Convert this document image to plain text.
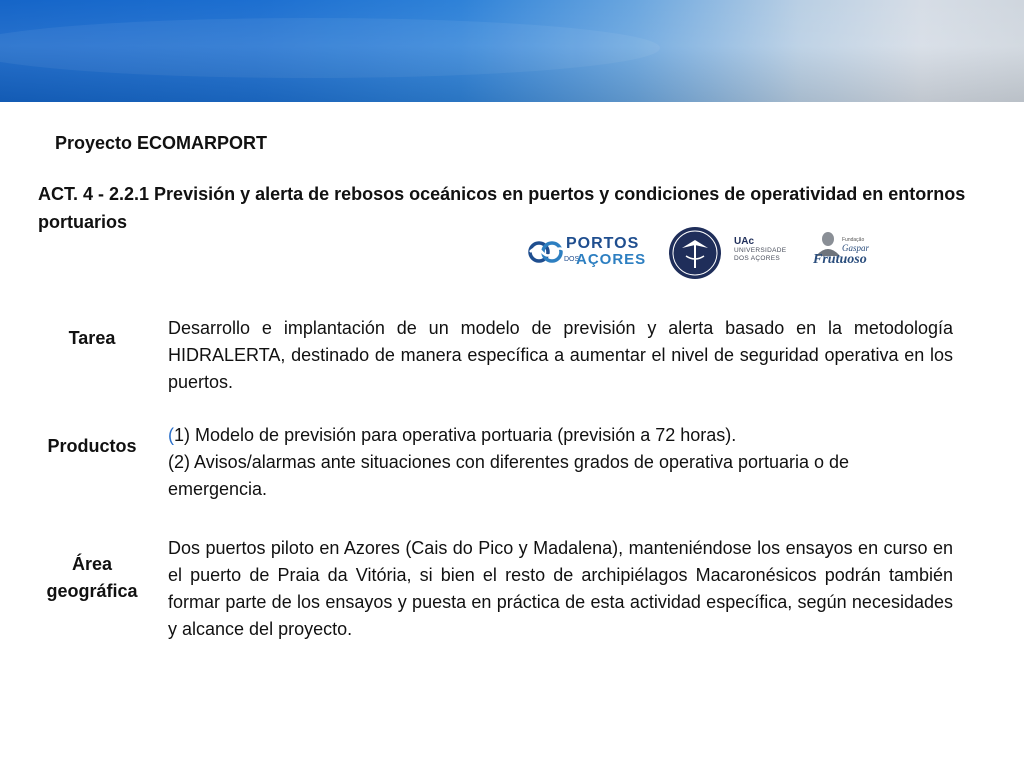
Proyecto ECOMARPORT
ACT. 4 - 2.2.1 Previsión y alerta de rebosos oceánicos en puertos y condiciones de operatividad en entornos portuarios
PORTOS
DOS
AÇORES
UAc
UNIVERSIDADE
DOS AÇORES
Fundação
Gaspar
Frutuoso
Tarea	Desarrollo e implantación de un modelo de previsión y alerta basado en la metodología HIDRALERTA, destinado de manera específica a aumentar el nivel de seguridad operativa en los puertos.
Productos

(1) Modelo de previsión para operativa portuaria (previsión a 72 horas).

(2) Avisos/alarmas ante situaciones con diferentes grados de operativa portuaria o de emergencia.

Área
geográfica
Dos puertos piloto en Azores (Cais do Pico y Madalena), manteniéndose los ensayos en curso en el puerto de Praia da Vitória, si bien el resto de archipiélagos Macaronésicos podrán también formar parte de los ensayos y puesta en práctica de esta actividad específica, según necesidades y alcance del proyecto.
